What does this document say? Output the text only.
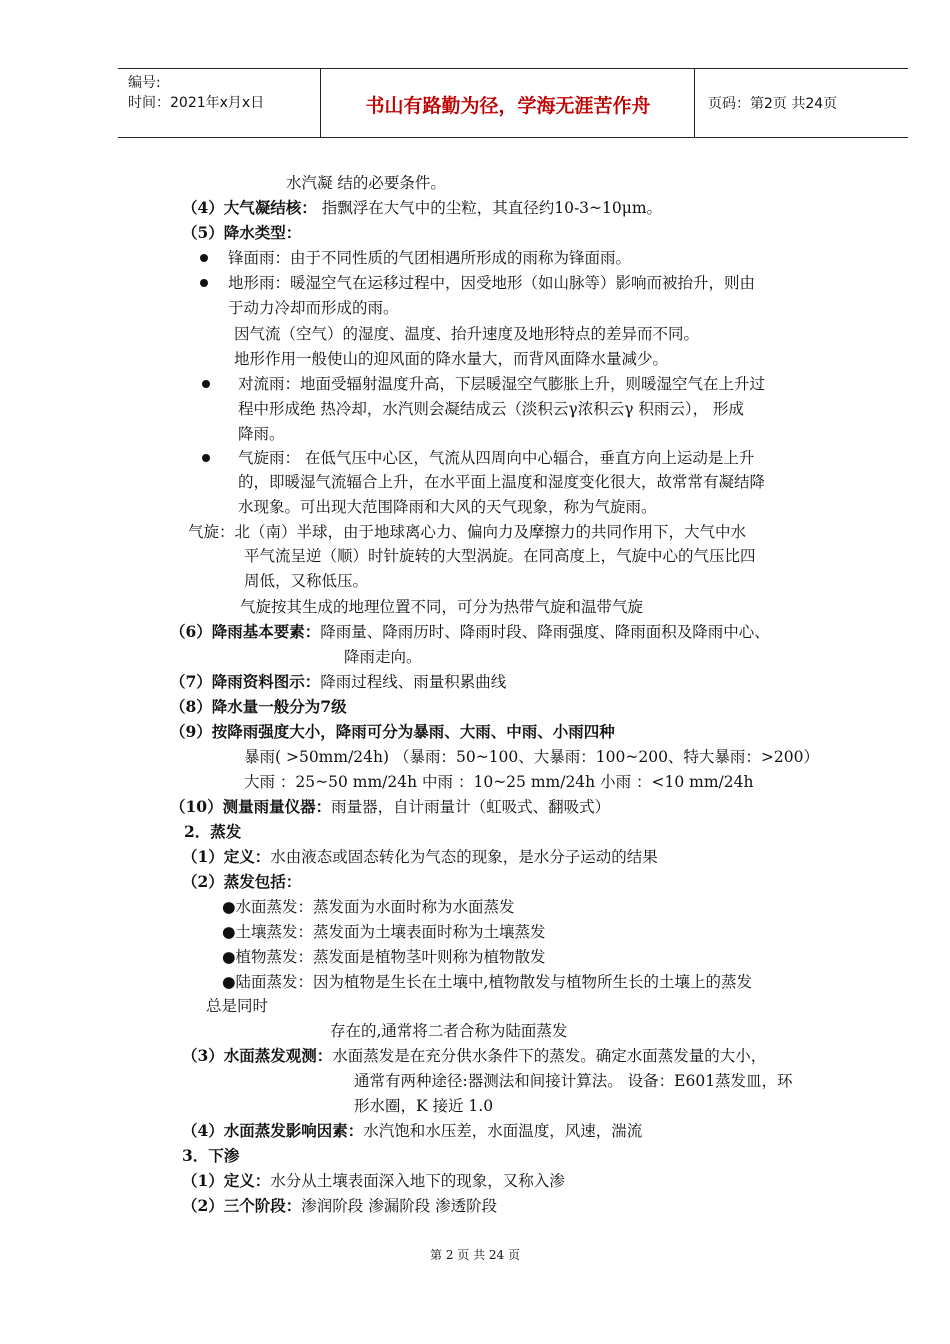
编号:
时间：2021年x月x日	书山有路勤为径，学海无涯苦作舟	页码：第2页 共24页
水汽凝 结的必要条件。
（4）大气凝结核： 指飘浮在大气中的尘粒，其直径约10-3~10μm。
（5）降水类型：
锋面雨：由于不同性质的气团相遇所形成的雨称为锋面雨。
地形雨：暖湿空气在运移过程中，因受地形（如山脉等）影响而被抬升，则由
于动力冷却而形成的雨。
因气流（空气）的湿度、温度、抬升速度及地形特点的差异而不同。
地形作用一般使山的迎风面的降水量大，而背风面降水量减少。
对流雨：地面受辐射温度升高，下层暖湿空气膨胀上升，则暖湿空气在上升过
程中形成绝 热冷却，水汽则会凝结成云（淡积云γ浓积云γ 积雨云）， 形成
降雨。
气旋雨： 在低气压中心区，气流从四周向中心辐合，垂直方向上运动是上升
的，即暖湿气流辐合上升，在水平面上温度和湿度变化很大，故常常有凝结降
水现象。可出现大范围降雨和大风的天气现象，称为气旋雨。
气旋：北（南）半球，由于地球离心力、偏向力及摩擦力的共同作用下，大气中水
平气流呈逆（顺）时针旋转的大型涡旋。在同高度上，气旋中心的气压比四
周低，又称低压。
气旋按其生成的地理位置不同，可分为热带气旋和温带气旋
（6）降雨基本要素：降雨量、降雨历时、降雨时段、降雨强度、降雨面积及降雨中心、
降雨走向。
（7）降雨资料图示：降雨过程线、雨量积累曲线
（8）降水量一般分为7级
（9）按降雨强度大小，降雨可分为暴雨、大雨、中雨、小雨四种
暴雨( >50mm/24h) （暴雨：50~100、大暴雨：100~200、特大暴雨：>200）
大雨 ：25~50 mm/24h 中雨 ：10~25 mm/24h 小雨 ：<10 mm/24h
（10）测量雨量仪器：雨量器，自计雨量计（虹吸式、翻吸式）
2．蒸发
（1）定义：水由液态或固态转化为气态的现象，是水分子运动的结果
（2）蒸发包括：
●水面蒸发：蒸发面为水面时称为水面蒸发
●土壤蒸发：蒸发面为土壤表面时称为土壤蒸发
●植物蒸发：蒸发面是植物茎叶则称为植物散发
●陆面蒸发：因为植物是生长在土壤中,植物散发与植物所生长的土壤上的蒸发
总是同时
存在的,通常将二者合称为陆面蒸发
（3）水面蒸发观测：水面蒸发是在充分供水条件下的蒸发。确定水面蒸发量的大小，
通常有两种途径:器测法和间接计算法。 设备：E601蒸发皿，环
形水圈，K 接近 1.0
（4）水面蒸发影响因素：水汽饱和水压差，水面温度，风速，湍流
3．下渗
（1）定义：水分从土壤表面深入地下的现象，又称入渗
（2）三个阶段：渗润阶段 渗漏阶段 渗透阶段
第 2 页 共 24 页
